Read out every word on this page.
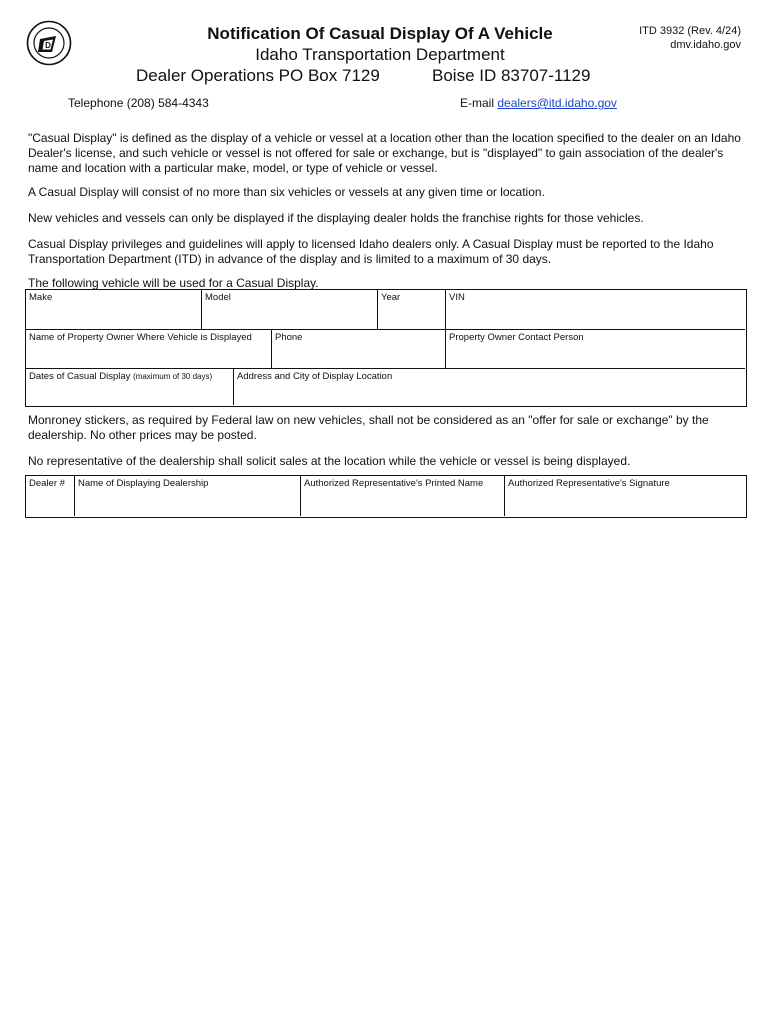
D
Notification Of Casual Display Of A Vehicle
Idaho Transportation Department
Dealer Operations PO Box 7129	Boise ID 83707-1129
ITD 3932 (Rev. 4/24)
dmv.idaho.gov
Telephone (208) 584-4343	E-mail dealers@itd.idaho.gov
"Casual Display" is defined as the display of a vehicle or vessel at a location other than the location specified to the dealer on an Idaho Dealer's license, and such vehicle or vessel is not offered for sale or exchange, but is "displayed" to gain association of the dealer's name and location with a particular make, model, or type of vehicle or vessel.
A Casual Display will consist of no more than six vehicles or vessels at any given time or location.
New vehicles and vessels can only be displayed if the displaying dealer holds the franchise rights for those vehicles.
Casual Display privileges and guidelines will apply to licensed Idaho dealers only. A Casual Display must be reported to the Idaho Transportation Department (ITD) in advance of the display and is limited to a maximum of 30 days.
The following vehicle will be used for a Casual Display.
Make	Model	Year	VIN
Name of Property Owner Where Vehicle is Displayed	Phone	Property Owner Contact Person
Dates of Casual Display (maximum of 30 days)	Address and City of Display Location
Monroney stickers, as required by Federal law on new vehicles, shall not be considered as an "offer for sale or exchange" by the dealership. No other prices may be posted.
No representative of the dealership shall solicit sales at the location while the vehicle or vessel is being displayed.
Dealer #	Name of Displaying Dealership	Authorized Representative's Printed Name	Authorized Representative's Signature
